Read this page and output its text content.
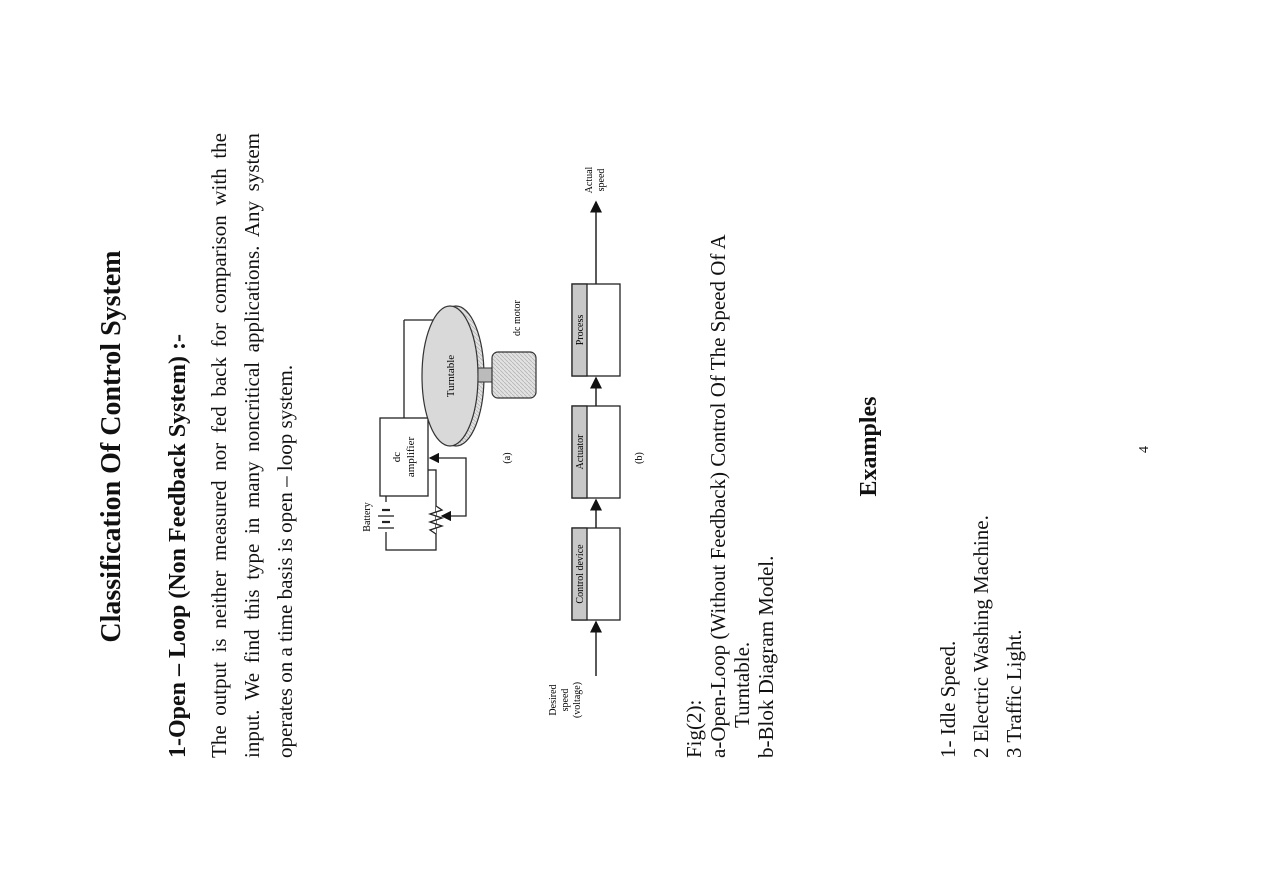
Classification Of Control System 1-Open – Loop (Non Feedback System) :- The output is neither measured nor fed back for comparison with the input. We find this type in many noncritical applications. Any system operates on a time basis is open – loop system.	Battery
dc amplifier
Turntable
dc motor
(a)
Desired speed (voltage)
Control device
Actuator
Process
Actual speed
(b)
Fig(2): a-Open-Loop (Without Feedback) Control Of The Speed Of A Turntable. b-Blok Diagram Model.
Examples
1- Idle Speed. 2 Electric Washing Machine. 3 Traffic Light.
4
